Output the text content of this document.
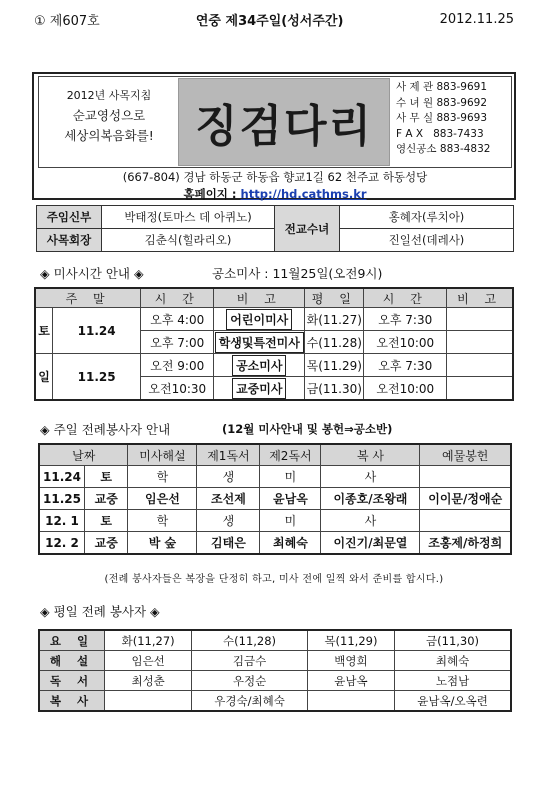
① 제607호	연중 제34주일(성서주간)	2012.11.25
2012년 사목지침
순교영성으로
세상의복음화를! 징검다리
사 제 관 883-9691
수 녀 원 883-9692
사 무 실 883-9693
F A X 883-7433
영신공소 883-4832
(667-804) 경남 하동군 하동읍 향교1길 62 천주교 하동성당
홈페이지 : http://hd.cathms.kr
주임신부	박태정(토마스 데 아퀴노)	전교수녀	홍혜자(루치아)
사목회장	김춘식(힐라리오)		진일선(데레사)
◈ 미사시간 안내 ◈	공소미사 : 11월25일(오전9시)
주 말		시 간	비 고	평 일	시 간	비 고
토	11.24	오후 4:00	어린이미사	화(11.27)	오후 7:30	
		오후 7:00	학생및특전미사	수(11.28)	오전10:00	
일	11.25	오전 9:00	공소미사	목(11.29)	오후 7:30	
		오전10:30	교중미사	금(11.30)	오전10:00	
◈ 주일 전례봉사자 안내	(12월 미사안내 및 봉헌⇒공소반)
날짜		미사해설	제1독서	제2독서	복 사	예물봉헌
11.24	토	학	생	미	사	
11.25	교중	임은선	조선제	윤남옥	이종호/조왕래	이이문/정애순
12. 1	토	학	생	미	사	
12. 2	교중	박 숲	김태은	최혜숙	이진기/최문열	조홍제/하정희
(전례 봉사자들은 복장을 단정히 하고, 미사 전에 일찍 와서 준비를 합시다.)
◈ 평일 전례 봉사자 ◈
요 일	화(11,27)	수(11,28)	목(11,29)	금(11,30)
해 설	임은선	김금수	백영희	최혜숙
독 서	최성춘	우정순	윤남옥	노점남
복 사		우경숙/최혜숙		윤남옥/오옥련
